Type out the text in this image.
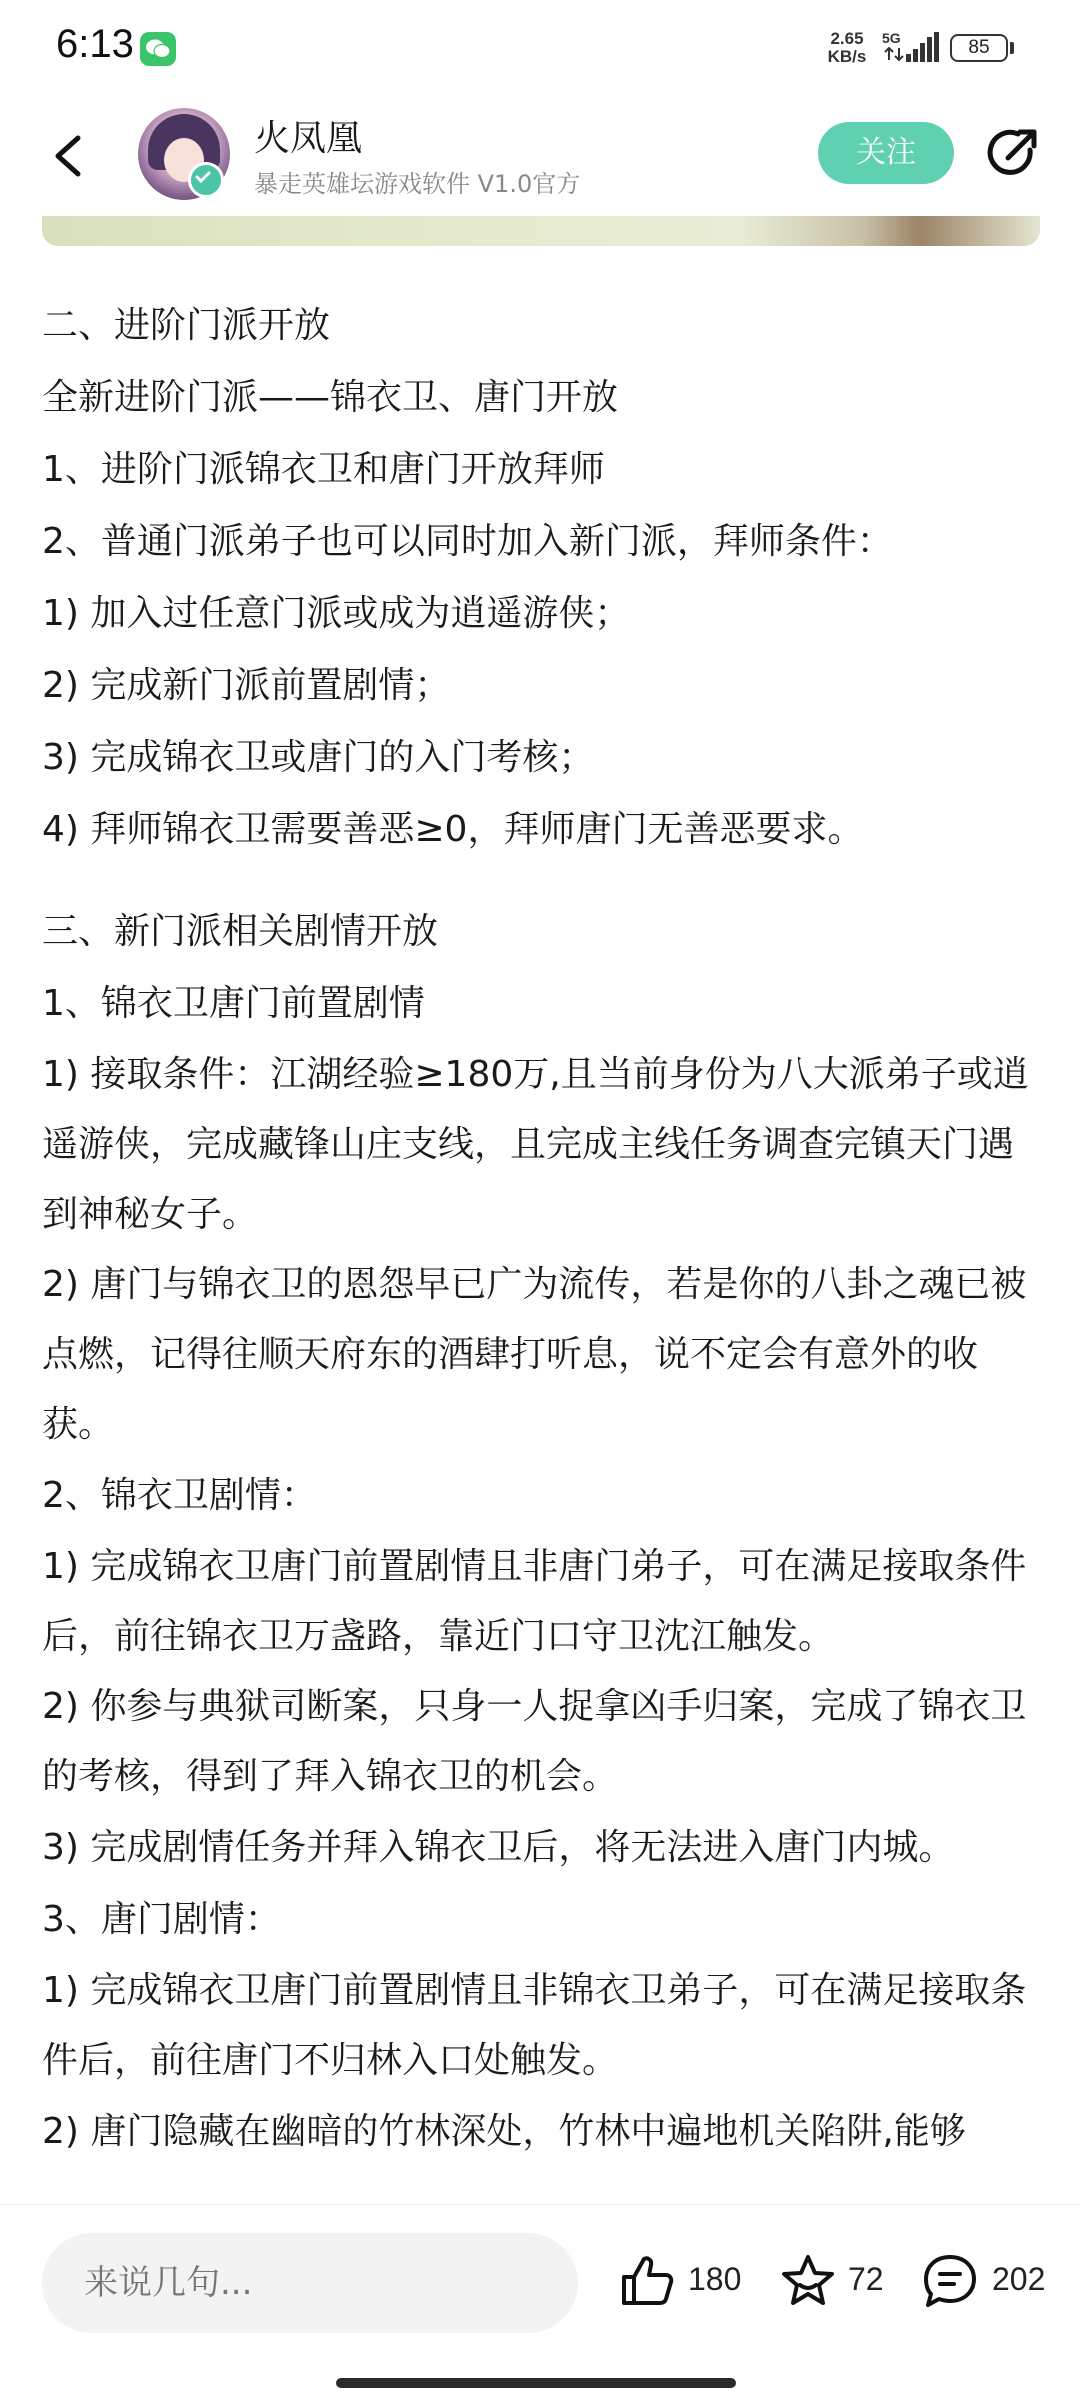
6:13	2.65
KB/s
5G	85
火凤凰
暴走英雄坛游戏软件 V1.0官方
关注
二、进阶门派开放
全新进阶门派——锦衣卫、唐门开放
1、进阶门派锦衣卫和唐门开放拜师
2、普通门派弟子也可以同时加入新门派，拜师条件：
1) 加入过任意门派或成为逍遥游侠；
2) 完成新门派前置剧情；
3) 完成锦衣卫或唐门的入门考核；
4) 拜师锦衣卫需要善恶≥0，拜师唐门无善恶要求。
三、新门派相关剧情开放
1、锦衣卫唐门前置剧情

1) 接取条件：江湖经验≥180万,且当前身份为八大派弟子或逍遥游侠，完成藏锋山庄支线，且完成主线任务调查完镇天门遇到神秘女子。

2) 唐门与锦衣卫的恩怨早已广为流传，若是你的八卦之魂已被点燃，记得往顺天府东的酒肆打听息，说不定会有意外的收获。

2、锦衣卫剧情：

1) 完成锦衣卫唐门前置剧情且非唐门弟子，可在满足接取条件后，前往锦衣卫万盏路，靠近门口守卫沈江触发。

2) 你参与典狱司断案，只身一人捉拿凶手归案，完成了锦衣卫的考核，得到了拜入锦衣卫的机会。

3) 完成剧情任务并拜入锦衣卫后，将无法进入唐门内城。
3、唐门剧情：

1) 完成锦衣卫唐门前置剧情且非锦衣卫弟子，可在满足接取条件后，前往唐门不归林入口处触发。

2) 唐门隐藏在幽暗的竹林深处，竹林中遍地机关陷阱,能够
来说几句...
180	72	202
